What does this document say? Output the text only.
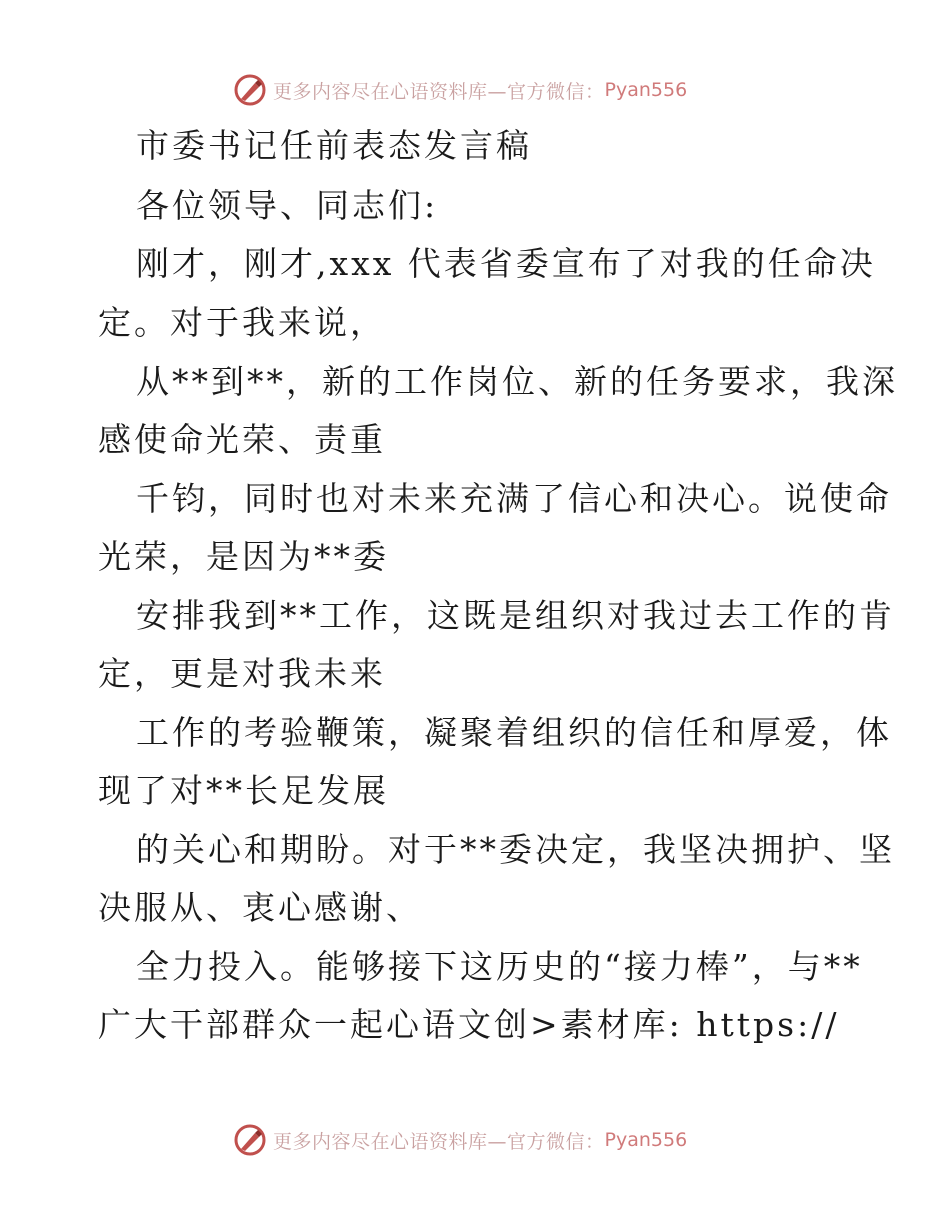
更多内容尽在心语资料库—官方微信： Pyan556
市委书记任前表态发言稿
各位领导、同志们:
刚才，刚才,xxx 代表省委宣布了对我的任命决
定。对于我来说，
从**到**，新的工作岗位、新的任务要求，我深
感使命光荣、责重
千钧，同时也对未来充满了信心和决心。说使命
光荣，是因为**委
安排我到**工作，这既是组织对我过去工作的肯
定，更是对我未来
工作的考验鞭策，凝聚着组织的信任和厚爱，体
现了对**长足发展
的关心和期盼。对于**委决定，我坚决拥护、坚
决服从、衷心感谢、
全力投入。能够接下这历史的“接力棒”，与**
广大干部群众一起心语文创>素材库: https://
更多内容尽在心语资料库—官方微信： Pyan556
